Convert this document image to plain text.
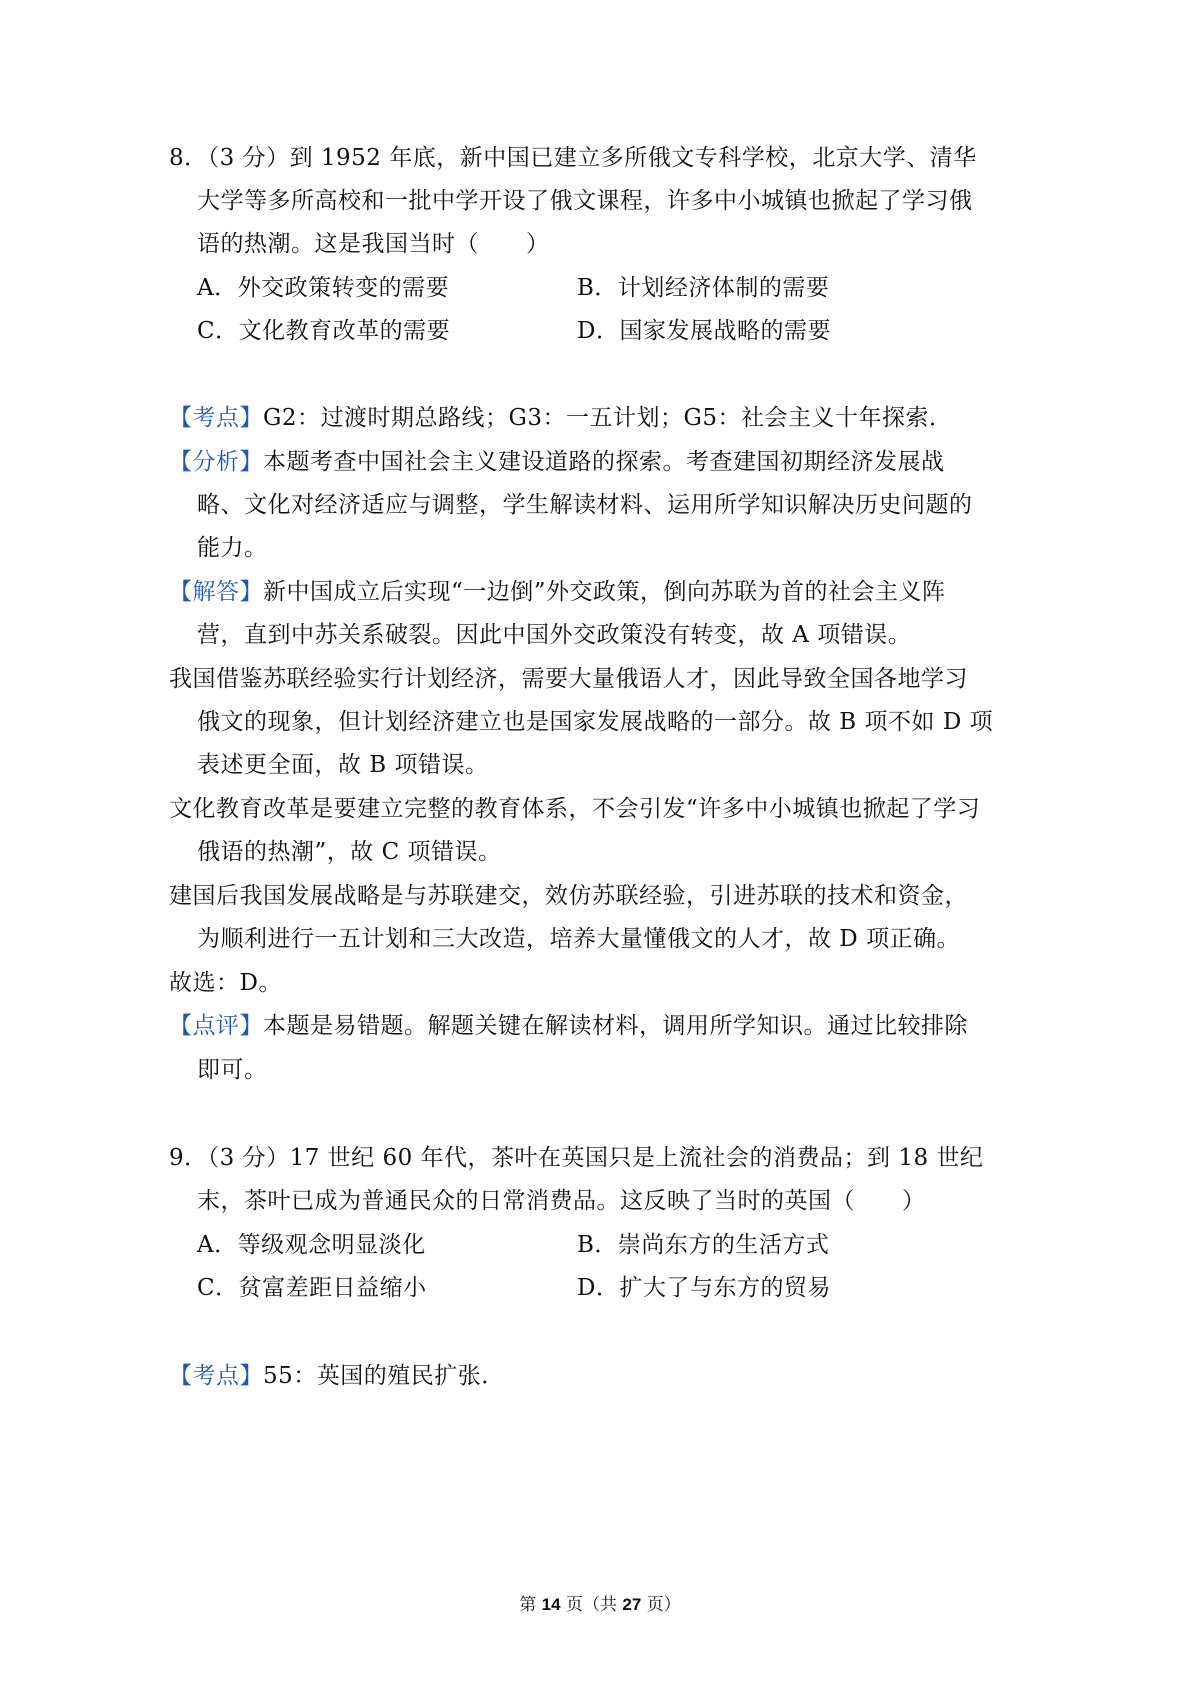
8．（3 分）到 1952 年底，新中国已建立多所俄文专科学校，北京大学、清华
大学等多所高校和一批中学开设了俄文课程，许多中小城镇也掀起了学习俄
语的热潮。这是我国当时（　　）
A．外交政策转变的需要	B．计划经济体制的需要
C．文化教育改革的需要	D．国家发展战略的需要
【考点】G2：过渡时期总路线；G3：一五计划；G5：社会主义十年探索．
【分析】本题考查中国社会主义建设道路的探索。考查建国初期经济发展战
略、文化对经济适应与调整，学生解读材料、运用所学知识解决历史问题的
能力。
【解答】新中国成立后实现“一边倒”外交政策，倒向苏联为首的社会主义阵
营，直到中苏关系破裂。因此中国外交政策没有转变，故 A 项错误。
我国借鉴苏联经验实行计划经济，需要大量俄语人才，因此导致全国各地学习
俄文的现象，但计划经济建立也是国家发展战略的一部分。故 B 项不如 D 项
表述更全面，故 B 项错误。
文化教育改革是要建立完整的教育体系，不会引发“许多中小城镇也掀起了学习
俄语的热潮”，故 C 项错误。
建国后我国发展战略是与苏联建交，效仿苏联经验，引进苏联的技术和资金，
为顺利进行一五计划和三大改造，培养大量懂俄文的人才，故 D 项正确。
故选：D。
【点评】本题是易错题。解题关键在解读材料，调用所学知识。通过比较排除
即可。
9．（3 分）17 世纪 60 年代，茶叶在英国只是上流社会的消费品；到 18 世纪
末，茶叶已成为普通民众的日常消费品。这反映了当时的英国（　　）
A．等级观念明显淡化	B．崇尚东方的生活方式
C．贫富差距日益缩小	D．扩大了与东方的贸易
【考点】55：英国的殖民扩张．
第 14 页（共 27 页）
